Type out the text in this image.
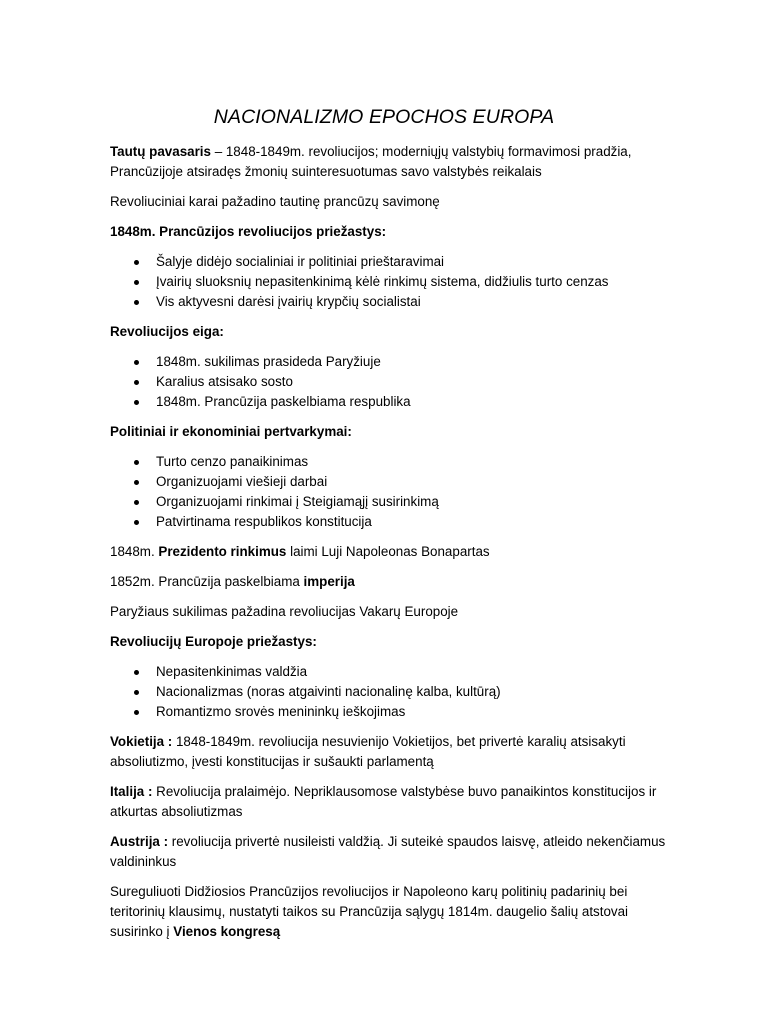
NACIONALIZMO EPOCHOS EUROPA

Tautų pavasaris – 1848-1849m. revoliucijos; moderniųjų valstybių formavimosi pradžia, Prancūzijoje atsiradęs žmonių suinteresuotumas savo valstybės reikalais

Revoliuciniai karai pažadino tautinę prancūzų savimonę

1848m. Prancūzijos revoliucijos priežastys:

Šalyje didėjo socialiniai ir politiniai prieštaravimai
Įvairių sluoksnių nepasitenkinimą kėlė rinkimų sistema, didžiulis turto cenzas
Vis aktyvesni darėsi įvairių krypčių socialistai

Revoliucijos eiga:

1848m. sukilimas prasideda Paryžiuje
Karalius atsisako sosto
1848m. Prancūzija paskelbiama respublika

Politiniai ir ekonominiai pertvarkymai:

Turto cenzo panaikinimas
Organizuojami viešieji darbai
Organizuojami rinkimai į Steigiamąjį susirinkimą
Patvirtinama respublikos konstitucija

1848m. Prezidento rinkimus laimi Luji Napoleonas Bonapartas

1852m. Prancūzija paskelbiama imperija

Paryžiaus sukilimas pažadina revoliucijas Vakarų Europoje

Revoliucijų Europoje priežastys:

Nepasitenkinimas valdžia
Nacionalizmas (noras atgaivinti nacionalinę kalba, kultūrą)
Romantizmo srovės menininkų ieškojimas

Vokietija : 1848-1849m. revoliucija nesuvienijo Vokietijos, bet privertė karalių atsisakyti absoliutizmo, įvesti konstitucijas ir sušaukti parlamentą

Italija : Revoliucija pralaimėjo. Nepriklausomose valstybėse buvo panaikintos konstitucijos ir atkurtas absoliutizmas

Austrija : revoliucija privertė nusileisti valdžią. Ji suteikė spaudos laisvę, atleido nekenčiamus valdininkus

Sureguliuoti Didžiosios Prancūzijos revoliucijos ir Napoleono karų politinių padarinių bei teritorinių klausimų, nustatyti taikos su Prancūzija sąlygų 1814m. daugelio šalių atstovai susirinko į Vienos kongresą
